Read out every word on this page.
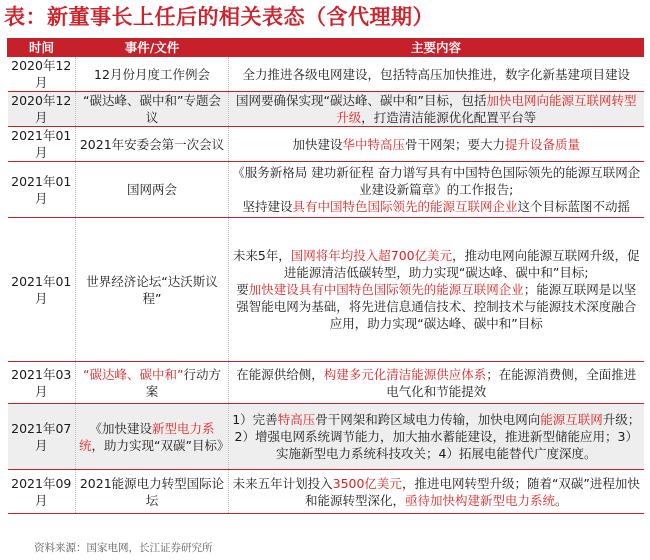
表：新董事长上任后的相关表态（含代理期）
时间	事件/文件	主要内容
2020年12月	12月份月度工作例会	全力推进各级电网建设，包括特高压加快推进，数字化新基建项目建设
2020年12月	“碳达峰、碳中和”专题会议	国网要确保实现“碳达峰、碳中和”目标，包括加快电网向能源互联网转型升级，打造清洁能源优化配置平台等
2021年01月	2021年安委会第一次会议	加快建设华中特高压骨干网架；要大力提升设备质量
2021年01月	国网两会	《服务新格局 建功新征程 奋力谱写具有中国特色国际领先的能源互联网企业建设新篇章》的工作报告;
坚持建设具有中国特色国际领先的能源互联网企业这个目标蓝图不动摇
2021年01月	世界经济论坛“达沃斯议程”	未来5年，国网将年均投入超700亿美元，推动电网向能源互联网升级，促进能源清洁低碳转型，助力实现“碳达峰、碳中和”目标;
要加快建设具有中国特色国际领先的能源互联网企业；能源互联网是以坚强智能电网为基础，将先进信息通信技术、控制技术与能源技术深度融合应用，助力实现“碳达峰、碳中和”目标
2021年03月	“碳达峰、碳中和”行动方案	在能源供给侧，构建多元化清洁能源供应体系；在能源消费侧，全面推进电气化和节能提效
2021年07月	《加快建设新型电力系统，助力实现“双碳”目标》	1）完善特高压骨干网架和跨区域电力传输，加快电网向能源互联网升级；2）增强电网系统调节能力，加大抽水蓄能建设，推进新型储能应用；3）实施新型电力系统科技攻关；4）拓展电能替代广度深度。
2021年09月	2021能源电力转型国际论坛	未来五年计划投入3500亿美元，推进电网转型升级；随着“双碳”进程加快和能源转型深化，亟待加快构建新型电力系统。
资料来源：国家电网，长江证券研究所
